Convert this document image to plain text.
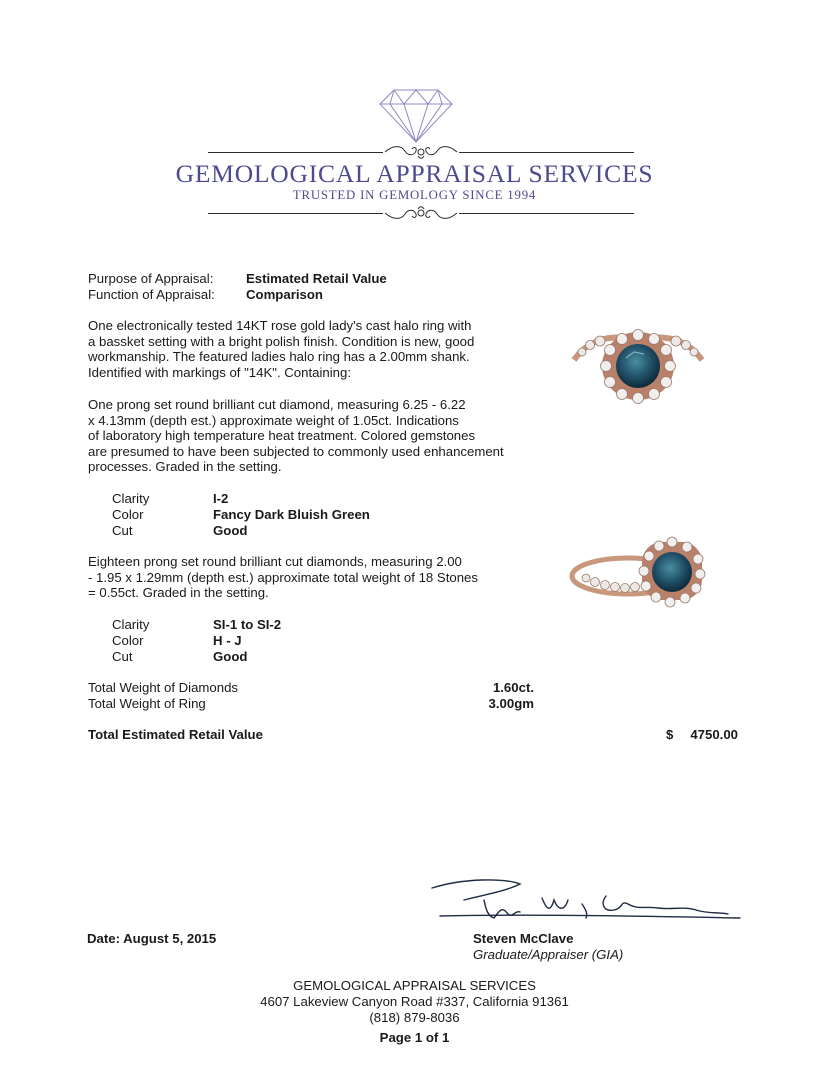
GEMOLOGICAL APPRAISAL SERVICES
TRUSTED IN GEMOLOGY SINCE 1994
Purpose of Appraisal: Estimated Retail Value
Function of Appraisal: Comparison
One electronically tested 14KT rose gold lady's cast halo ring with
a bassket setting with a bright polish finish. Condition is new, good
workmanship. The featured ladies halo ring has a 2.00mm shank.
Identified with markings of "14K". Containing:
One prong set round brilliant cut diamond, measuring 6.25 - 6.22
x 4.13mm (depth est.) approximate weight of 1.05ct. Indications
of laboratory high temperature heat treatment. Colored gemstones
are presumed to have been subjected to commonly used enhancement
processes. Graded in the setting.
Clarity	I-2
Color	Fancy Dark Bluish Green
Cut	Good
Eighteen prong set round brilliant cut diamonds, measuring 2.00
- 1.95 x 1.29mm (depth est.) approximate total weight of 18 Stones
= 0.55ct. Graded in the setting.
Clarity	SI-1 to SI-2
Color	H - J
Cut	Good
Total Weight of Diamonds	1.60ct.
Total Weight of Ring	3.00gm
Total Estimated Retail Value	$ 4750.00
Date: August 5, 2015	Steven McClave
Graduate/Appraiser (GIA)
GEMOLOGICAL APPRAISAL SERVICES
4607 Lakeview Canyon Road #337, California 91361
(818) 879-8036
Page 1 of 1
